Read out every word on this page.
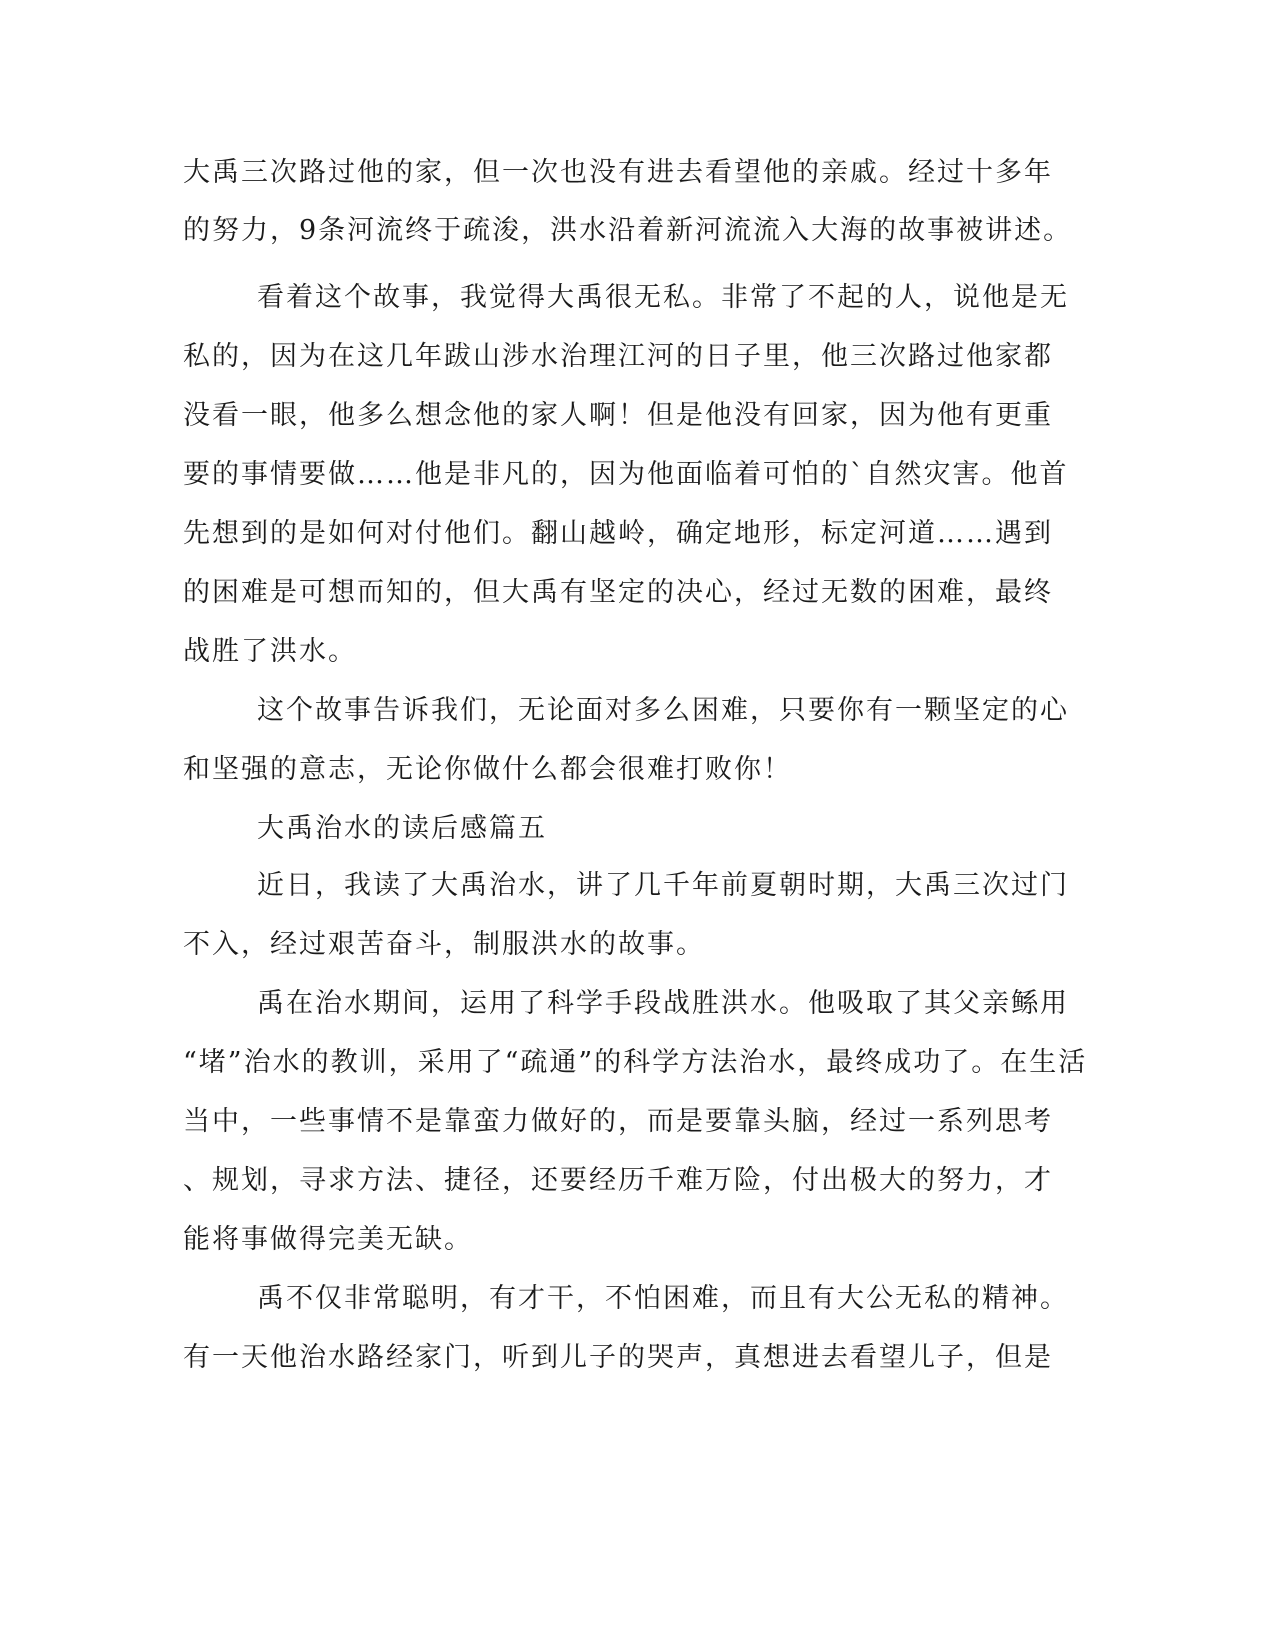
大禹三次路过他的家，但一次也没有进去看望他的亲戚。经过十多年
的努力，9条河流终于疏浚，洪水沿着新河流流入大海的故事被讲述。
看着这个故事，我觉得大禹很无私。非常了不起的人，说他是无
私的，因为在这几年跋山涉水治理江河的日子里，他三次路过他家都
没看一眼，他多么想念他的家人啊！但是他没有回家，因为他有更重
要的事情要做……他是非凡的，因为他面临着可怕的`自然灾害。他首
先想到的是如何对付他们。翻山越岭，确定地形，标定河道……遇到
的困难是可想而知的，但大禹有坚定的决心，经过无数的困难，最终
战胜了洪水。
这个故事告诉我们，无论面对多么困难，只要你有一颗坚定的心
和坚强的意志，无论你做什么都会很难打败你！
大禹治水的读后感篇五
近日，我读了大禹治水，讲了几千年前夏朝时期，大禹三次过门
不入，经过艰苦奋斗，制服洪水的故事。
禹在治水期间，运用了科学手段战胜洪水。他吸取了其父亲鲧用
“堵”治水的教训，采用了“疏通”的科学方法治水，最终成功了。在生活
当中，一些事情不是靠蛮力做好的，而是要靠头脑，经过一系列思考
、规划，寻求方法、捷径，还要经历千难万险，付出极大的努力，才
能将事做得完美无缺。
禹不仅非常聪明，有才干，不怕困难，而且有大公无私的精神。
有一天他治水路经家门，听到儿子的哭声，真想进去看望儿子，但是
